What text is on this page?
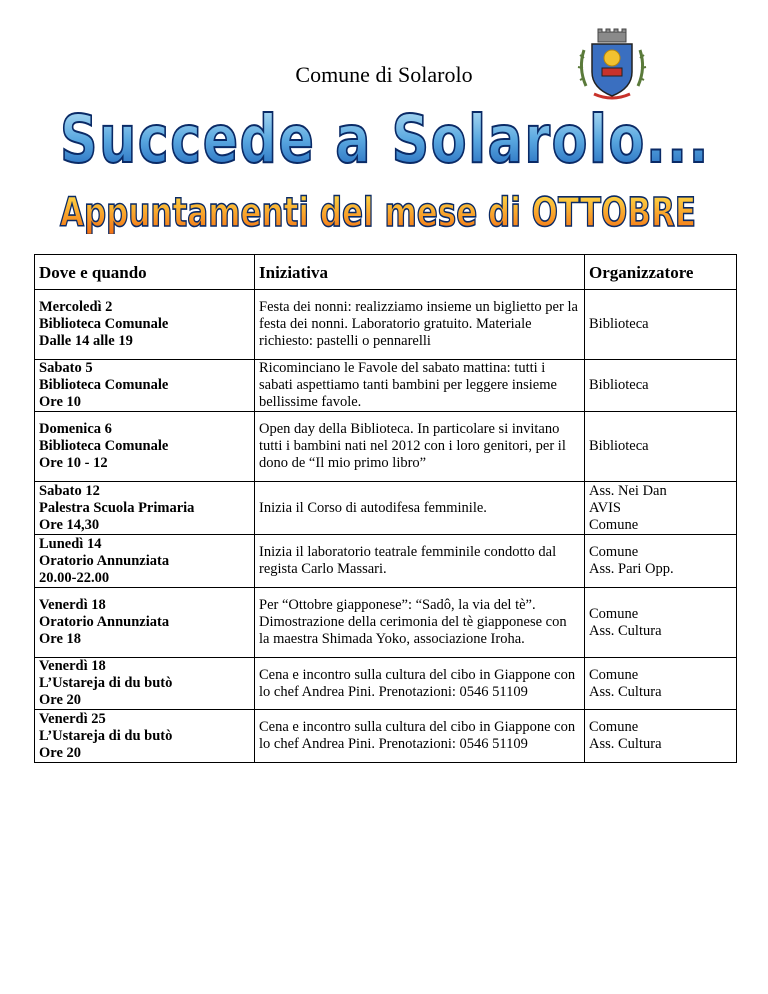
Comune di Solarolo
Succede a Solarolo...
Appuntamenti del mese di OTTOBRE
Dove e quando	Iniziativa	Organizzatore

Mercoledì 2
Biblioteca Comunale
Dalle 14 alle 19	Festa dei nonni: realizziamo insieme un biglietto per la festa dei nonni. Laboratorio gratuito. Materiale richiesto: pastelli o pennarelli	Biblioteca

Sabato 5
Biblioteca Comunale
Ore 10	Ricominciano le Favole del sabato mattina: tutti i sabati aspettiamo tanti bambini per leggere insieme bellissime favole.	Biblioteca

Domenica 6
Biblioteca Comunale
Ore 10 - 12	Open day della Biblioteca. In particolare si invitano tutti i bambini nati nel 2012 con i loro genitori, per il dono de “Il mio primo libro”	Biblioteca

Sabato 12
Palestra Scuola Primaria
Ore 14,30	Inizia il Corso di autodifesa femminile.	Ass. Nei Dan
AVIS
Comune

Lunedì 14
Oratorio Annunziata
20.00-22.00	Inizia il laboratorio teatrale femminile condotto dal regista Carlo Massari.	Comune
Ass. Pari Opp.

Venerdì 18
Oratorio Annunziata
Ore 18	Per “Ottobre giapponese”: “Sadô, la via del tè”. Dimostrazione della cerimonia del tè giapponese con la maestra Shimada Yoko, associazione Iroha.	Comune
Ass. Cultura

Venerdì 18
L’Ustareja di du butò
Ore 20	Cena e incontro sulla cultura del cibo in Giappone con lo chef Andrea Pini. Prenotazioni: 0546 51109	Comune
Ass. Cultura

Venerdì 25
L’Ustareja di du butò
Ore 20	Cena e incontro sulla cultura del cibo in Giappone con lo chef Andrea Pini. Prenotazioni: 0546 51109	Comune
Ass. Cultura
